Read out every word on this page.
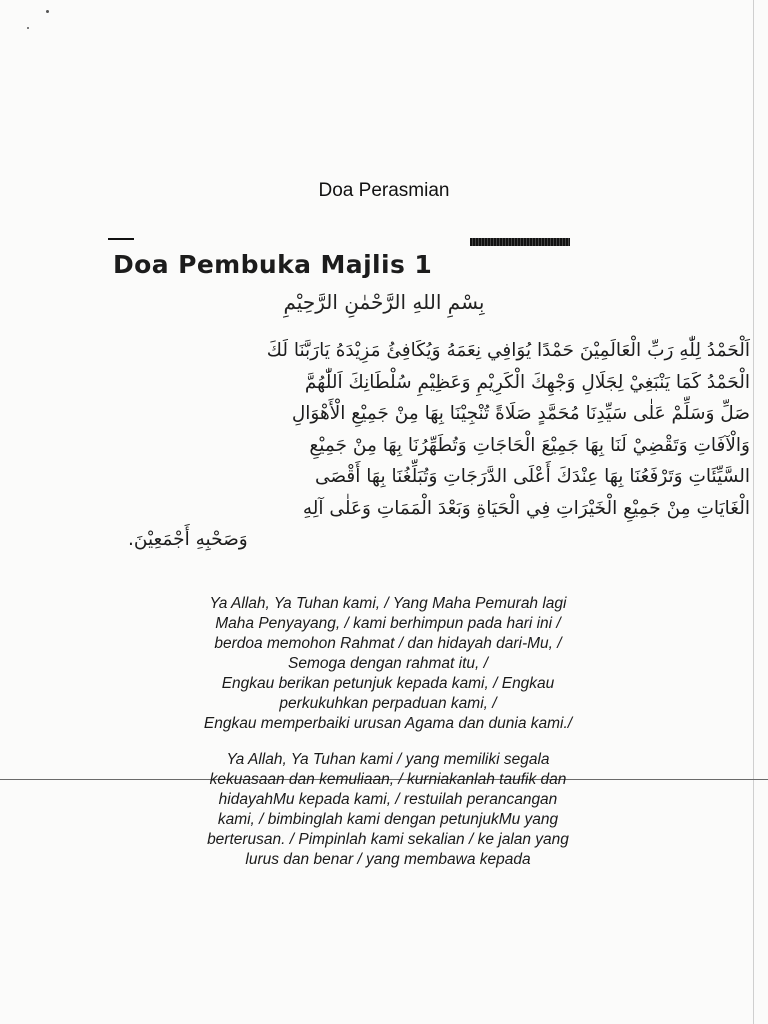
Doa Perasmian
Doa Pembuka Majlis 1
بِسْمِ اللهِ الرَّحْمٰنِ الرَّحِيْمِ
اَلْحَمْدُ لِلّٰهِ رَبِّ الْعَالَمِيْنَ حَمْدًا يُوَافِي نِعَمَهُ وَيُكَافِئُ مَزِيْدَهُ يَارَبَّنَا لَكَ
الْحَمْدُ كَمَا يَنْبَغِيْ لِجَلَالِ وَجْهِكَ الْكَرِيْمِ وَعَظِيْمِ سُلْطَانِكَ اَللّٰهُمَّ
صَلِّ وَسَلِّمْ عَلٰى سَيِّدِنَا مُحَمَّدٍ صَلَاةً تُنْجِيْنَا بِهَا مِنْ جَمِيْعِ الْأَهْوَالِ
وَالْآفَاتِ وَتَقْضِيْ لَنَا بِهَا جَمِيْعَ الْحَاجَاتِ وَتُطَهِّرُنَا بِهَا مِنْ جَمِيْعِ
السَّيِّئَاتِ وَتَرْفَعُنَا بِهَا عِنْدَكَ أَعْلَى الدَّرَجَاتِ وَتُبَلِّغُنَا بِهَا أَقْصَى
الْغَايَاتِ مِنْ جَمِيْعِ الْخَيْرَاتِ فِي الْحَيَاةِ وَبَعْدَ الْمَمَاتِ وَعَلٰى آلِهِ
وَصَحْبِهِ أَجْمَعِيْنَ.
Ya Allah, Ya Tuhan kami, / Yang Maha Pemurah lagi
Maha Penyayang, / kami berhimpun pada hari ini /
berdoa memohon Rahmat / dan hidayah dari-Mu, /
Semoga dengan rahmat itu, /
Engkau berikan petunjuk kepada kami, / Engkau
perkukuhkan perpaduan kami, /
Engkau memperbaiki urusan Agama dan dunia kami./
Ya Allah, Ya Tuhan kami / yang memiliki segala
kekuasaan dan kemuliaan, / kurniakanlah taufik dan
hidayahMu kepada kami, / restuilah perancangan
kami, / bimbinglah kami dengan petunjukMu yang
berterusan. / Pimpinlah kami sekalian / ke jalan yang
lurus dan benar / yang membawa kepada
